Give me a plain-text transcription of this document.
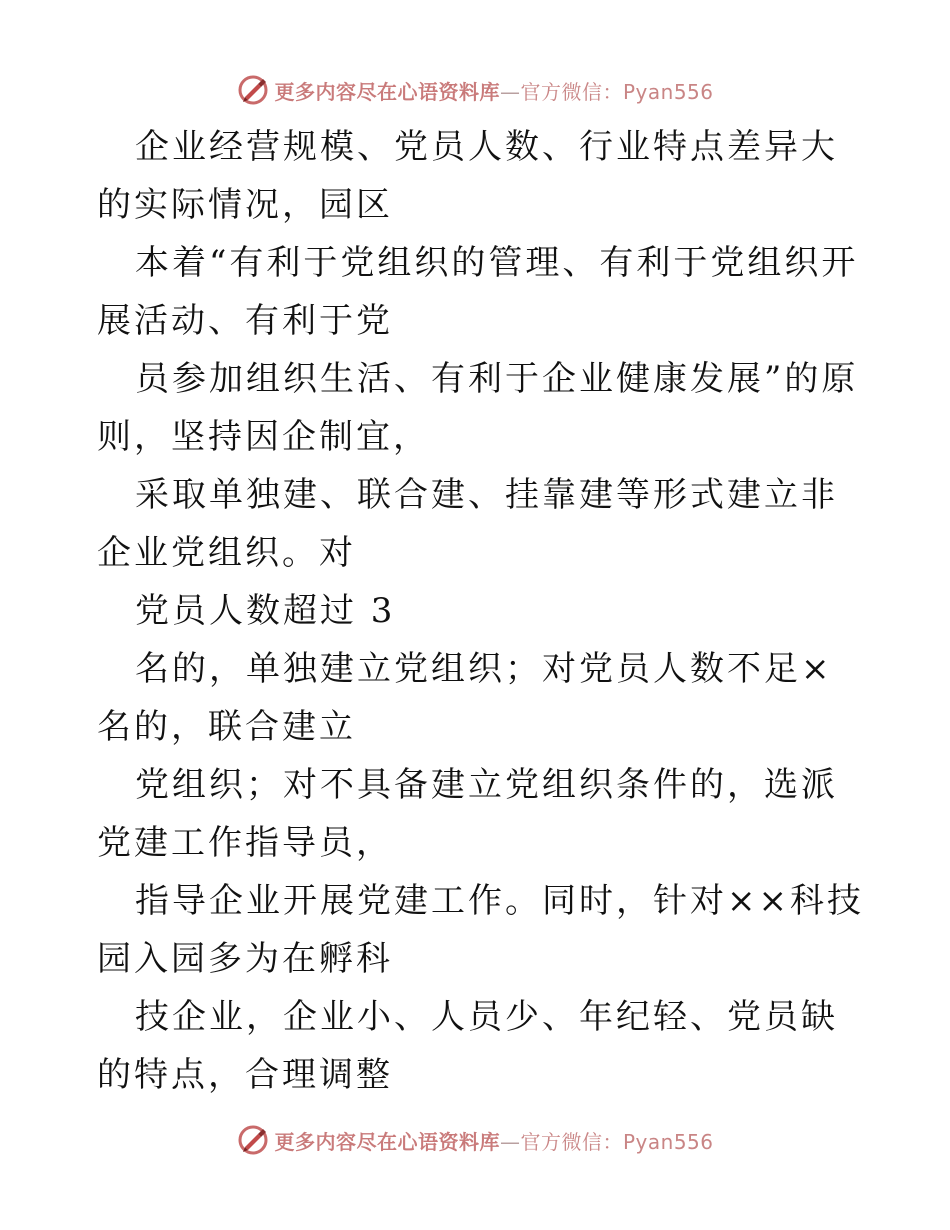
更多内容尽在心语资料库—官方微信：Pyan556

企业经营规模、党员人数、行业特点差异大的实际情况，园区

本着“有利于党组织的管理、有利于党组织开展活动、有利于党

员参加组织生活、有利于企业健康发展”的原则，坚持因企制宜，

采取单独建、联合建、挂靠建等形式建立非企业党组织。对

党员人数超过 3

名的，单独建立党组织；对党员人数不足×名的，联合建立

党组织；对不具备建立党组织条件的，选派党建工作指导员，

指导企业开展党建工作。同时，针对××科技园入园多为在孵科

技企业，企业小、人员少、年纪轻、党员缺的特点，合理调整

更多内容尽在心语资料库—官方微信：Pyan556
